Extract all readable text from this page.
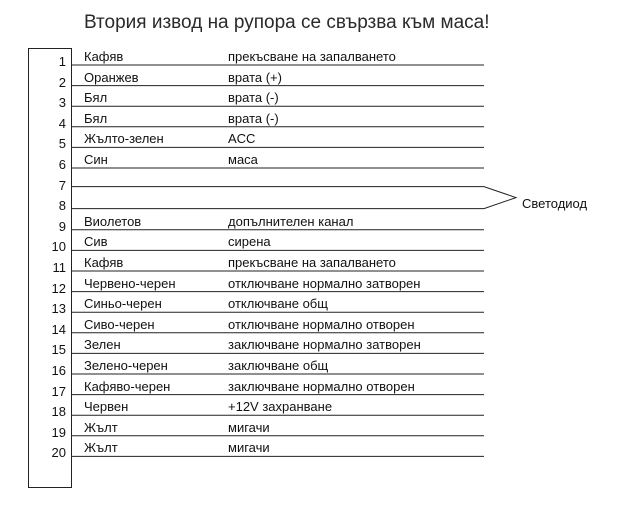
Втория извод на рупора се свързва към маса!
1 Кафяв	прекъсване на запалването
2 Оранжев	врата (+)
3 Бял	врата (-)
4 Бял	врата (-)
5 Жълто-зелен	ACC
6 Син	маса
7
8
9 Виолетов	допълнителен канал
10 Сив	сирена
11 Кафяв	прекъсване на запалването
12 Червено-черен	отключване нормално затворен
13 Синьо-черен	отключване общ
14 Сиво-черен	отключване нормално отворен
15 Зелен	заключване нормално затворен
16 Зелено-черен	заключване общ
17 Кафяво-черен	заключване нормално отворен
18 Червен	+12V захранване
19 Жълт	мигачи
20 Жълт	мигачи
Светодиод
